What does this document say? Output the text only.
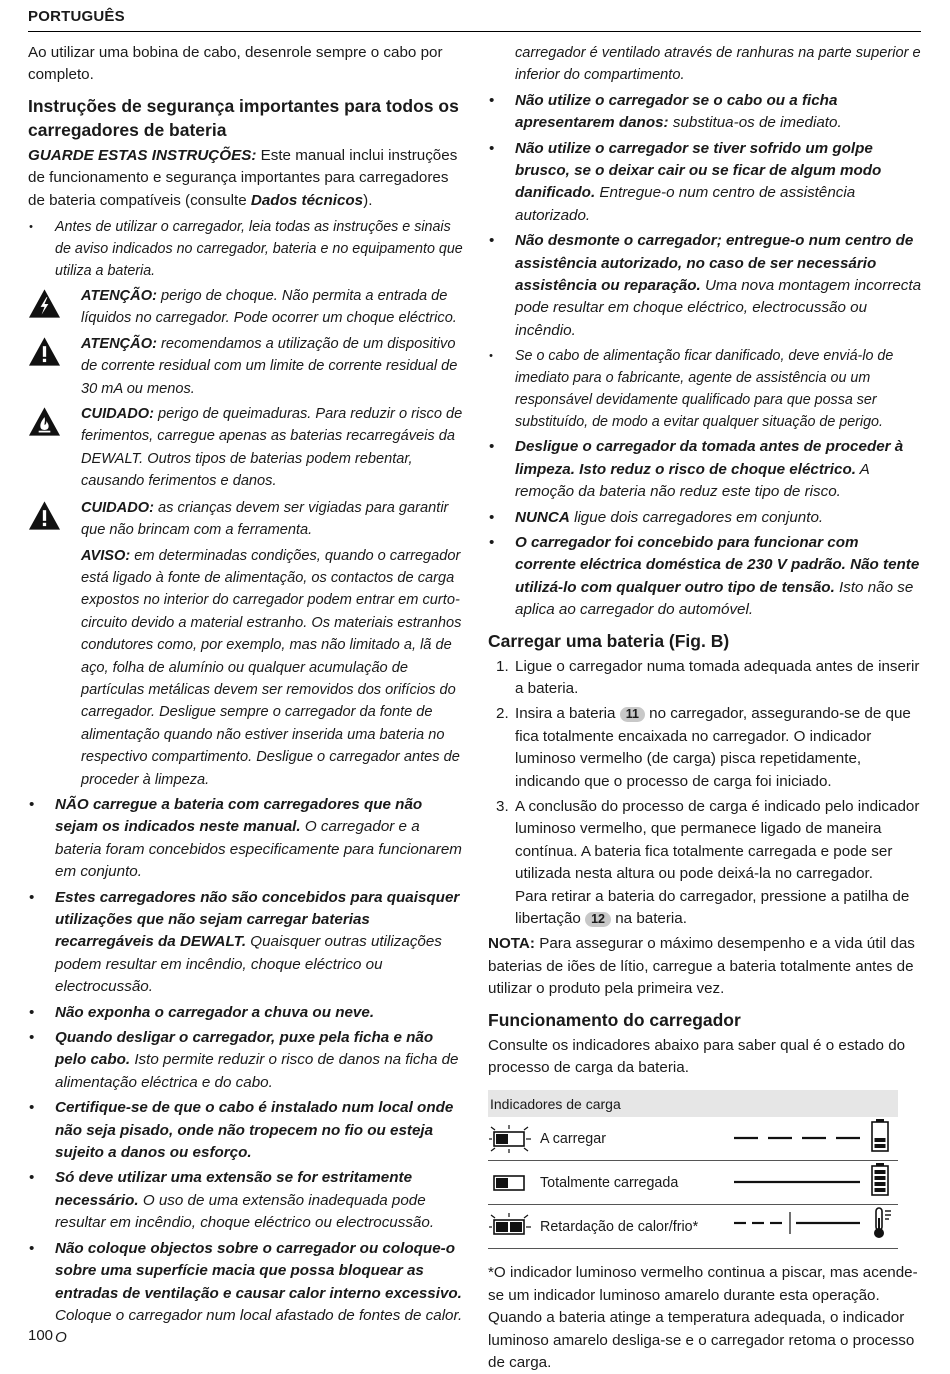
PORTUGUÊS

Ao utilizar uma bobina de cabo, desenrole sempre o cabo por completo.

Instruções de segurança importantes para todos os carregadores de bateria

GUARDE ESTAS INSTRUÇÕES: Este manual inclui instruções de funcionamento e segurança importantes para carregadores de bateria compatíveis (consulte Dados técnicos).

• Antes de utilizar o carregador, leia todas as instruções e sinais de aviso indicados no carregador, bateria e no equipamento que utiliza a bateria.

ATENÇÃO: perigo de choque. Não permita a entrada de líquidos no carregador. Pode ocorrer um choque eléctrico.
ATENÇÃO: recomendamos a utilização de um dispositivo de corrente residual com um limite de corrente residual de 30 mA ou menos.
CUIDADO: perigo de queimaduras. Para reduzir o risco de ferimentos, carregue apenas as baterias recarregáveis da DEWALT. Outros tipos de baterias podem rebentar, causando ferimentos e danos.
CUIDADO: as crianças devem ser vigiadas para garantir que não brincam com a ferramenta.
AVISO: em determinadas condições, quando o carregador está ligado à fonte de alimentação, os contactos de carga expostos no interior do carregador podem entrar em curto-circuito devido a material estranho. Os materiais estranhos condutores como, por exemplo, mas não limitado a, lã de aço, folha de alumínio ou qualquer acumulação de partículas metálicas devem ser removidos dos orifícios do carregador. Desligue sempre o carregador da fonte de alimentação quando não estiver inserida uma bateria no respectivo compartimento. Desligue o carregador antes de proceder à limpeza.

• NÃO carregue a bateria com carregadores que não sejam os indicados neste manual. O carregador e a bateria foram concebidos especificamente para funcionarem em conjunto.

• Estes carregadores não são concebidos para quaisquer utilizações que não sejam carregar baterias recarregáveis da DEWALT. Quaisquer outras utilizações podem resultar em incêndio, choque eléctrico ou electrocussão.

• Não exponha o carregador a chuva ou neve.

• Quando desligar o carregador, puxe pela ficha e não pelo cabo. Isto permite reduzir o risco de danos na ficha de alimentação eléctrica e do cabo.

• Certifique-se de que o cabo é instalado num local onde não seja pisado, onde não tropecem no fio ou esteja sujeito a danos ou esforço.

• Só deve utilizar uma extensão se for estritamente necessário. O uso de uma extensão inadequada pode resultar em incêndio, choque eléctrico ou electrocussão.

• Não coloque objectos sobre o carregador ou coloque-o sobre uma superfície macia que possa bloquear as entradas de ventilação e causar calor interno excessivo. Coloque o carregador num local afastado de fontes de calor. O

carregador é ventilado através de ranhuras na parte superior e inferior do compartimento.

• Não utilize o carregador se o cabo ou a ficha apresentarem danos: substitua-os de imediato.

• Não utilize o carregador se tiver sofrido um golpe brusco, se o deixar cair ou se ficar de algum modo danificado. Entregue-o num centro de assistência autorizado.

• Não desmonte o carregador; entregue-o num centro de assistência autorizado, no caso de ser necessário assistência ou reparação. Uma nova montagem incorrecta pode resultar em choque eléctrico, electrocussão ou incêndio.

• Se o cabo de alimentação ficar danificado, deve enviá-lo de imediato para o fabricante, agente de assistência ou um responsável devidamente qualificado para que possa ser substituído, de modo a evitar qualquer situação de perigo.

• Desligue o carregador da tomada antes de proceder à limpeza. Isto reduz o risco de choque eléctrico. A remoção da bateria não reduz este tipo de risco.

• NUNCA ligue dois carregadores em conjunto.

• O carregador foi concebido para funcionar com corrente eléctrica doméstica de 230 V padrão. Não tente utilizá-lo com qualquer outro tipo de tensão. Isto não se aplica ao carregador do automóvel.

Carregar uma bateria (Fig. B)

1. Ligue o carregador numa tomada adequada antes de inserir a bateria.

2. Insira a bateria 11 no carregador, assegurando-se de que fica totalmente encaixada no carregador. O indicador luminoso vermelho (de carga) pisca repetidamente, indicando que o processo de carga foi iniciado.

3. A conclusão do processo de carga é indicado pelo indicador luminoso vermelho, que permanece ligado de maneira contínua. A bateria fica totalmente carregada e pode ser utilizada nesta altura ou pode deixá-la no carregador.
Para retirar a bateria do carregador, pressione a patilha de libertação 12 na bateria.

NOTA: Para assegurar o máximo desempenho e a vida útil das baterias de iões de lítio, carregue a bateria totalmente antes de utilizar o produto pela primeira vez.

Funcionamento do carregador

Consulte os indicadores abaixo para saber qual é o estado do processo de carga da bateria.

Indicadores de carga			
	A carregar		
	Totalmente carregada		
	Retardação de calor/frio*		

*O indicador luminoso vermelho continua a piscar, mas acende-se um indicador luminoso amarelo durante esta operação. Quando a bateria atinge a temperatura adequada, o indicador luminoso amarelo desliga-se e o carregador retoma o processo de carga.

100
